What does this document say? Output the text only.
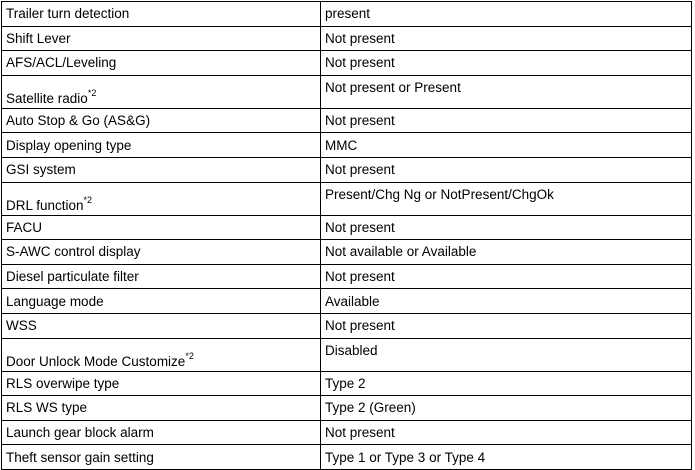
Trailer turn detection	present
Shift Lever	Not present
AFS/ACL/Leveling	Not present
Satellite radio$^{*2}$	Not present or Present
Auto Stop & Go (AS&G)	Not present
Display opening type	MMC
GSI system	Not present
DRL function$^{*2}$	Present/Chg Ng or NotPresent/ChgOk
FACU	Not present
S-AWC control display	Not available or Available
Diesel particulate filter	Not present
Language mode	Available
WSS	Not present
Door Unlock Mode Customize$^{*2}$	Disabled
RLS overwipe type	Type 2
RLS WS type	Type 2 (Green)
Launch gear block alarm	Not present
Theft sensor gain setting	Type 1 or Type 3 or Type 4
